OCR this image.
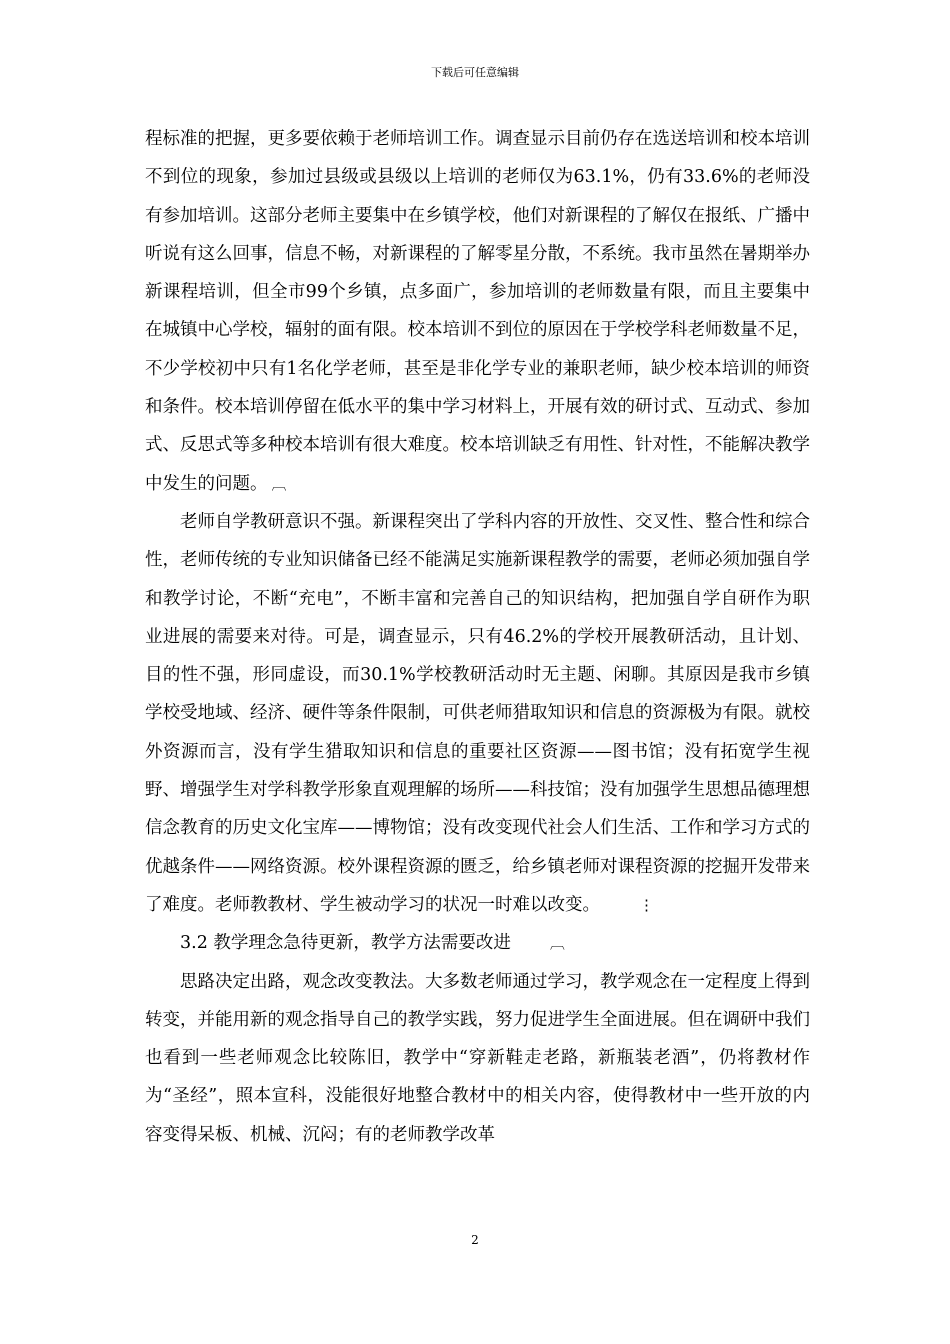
下载后可任意编辑

程标准的把握，更多要依赖于老师培训工作。调查显示目前仍存在选送培训和校本培训不到位的现象，参加过县级或县级以上培训的老师仅为63.1%，仍有33.6%的老师没有参加培训。这部分老师主要集中在乡镇学校，他们对新课程的了解仅在报纸、广播中听说有这么回事，信息不畅，对新课程的了解零星分散，不系统。我市虽然在暑期举办新课程培训，但全市99个乡镇，点多面广，参加培训的老师数量有限，而且主要集中在城镇中心学校，辐射的面有限。校本培训不到位的原因在于学校学科老师数量不足，不少学校初中只有1名化学老师，甚至是非化学专业的兼职老师，缺少校本培训的师资和条件。校本培训停留在低水平的集中学习材料上，开展有效的研讨式、互动式、参加式、反思式等多种校本培训有很大难度。校本培训缺乏有用性、针对性，不能解决教学中发生的问题。 ︹

老师自学教研意识不强。新课程突出了学科内容的开放性、交叉性、整合性和综合性，老师传统的专业知识储备已经不能满足实施新课程教学的需要，老师必须加强自学和教学讨论，不断“充电”，不断丰富和完善自己的知识结构，把加强自学自研作为职业进展的需要来对待。可是，调查显示，只有46.2%的学校开展教研活动，且计划、目的性不强，形同虚设，而30.1%学校教研活动时无主题、闲聊。其原因是我市乡镇学校受地域、经济、硬件等条件限制，可供老师猎取知识和信息的资源极为有限。就校外资源而言，没有学生猎取知识和信息的重要社区资源——图书馆；没有拓宽学生视野、增强学生对学科教学形象直观理解的场所——科技馆；没有加强学生思想品德理想信念教育的历史文化宝库——博物馆；没有改变现代社会人们生活、工作和学习方式的优越条件——网络资源。校外课程资源的匮乏，给乡镇老师对课程资源的挖掘开发带来了难度。老师教教材、学生被动学习的状况一时难以改变。	⋮

3.2 教学理念急待更新，教学方法需要改进	︹

思路决定出路，观念改变教法。大多数老师通过学习，教学观念在一定程度上得到转变，并能用新的观念指导自己的教学实践，努力促进学生全面进展。但在调研中我们也看到一些老师观念比较陈旧，教学中“穿新鞋走老路，新瓶装老酒”，仍将教材作为“圣经”，照本宣科，没能很好地整合教材中的相关内容，使得教材中一些开放的内容变得呆板、机械、沉闷；有的老师教学改革

2
